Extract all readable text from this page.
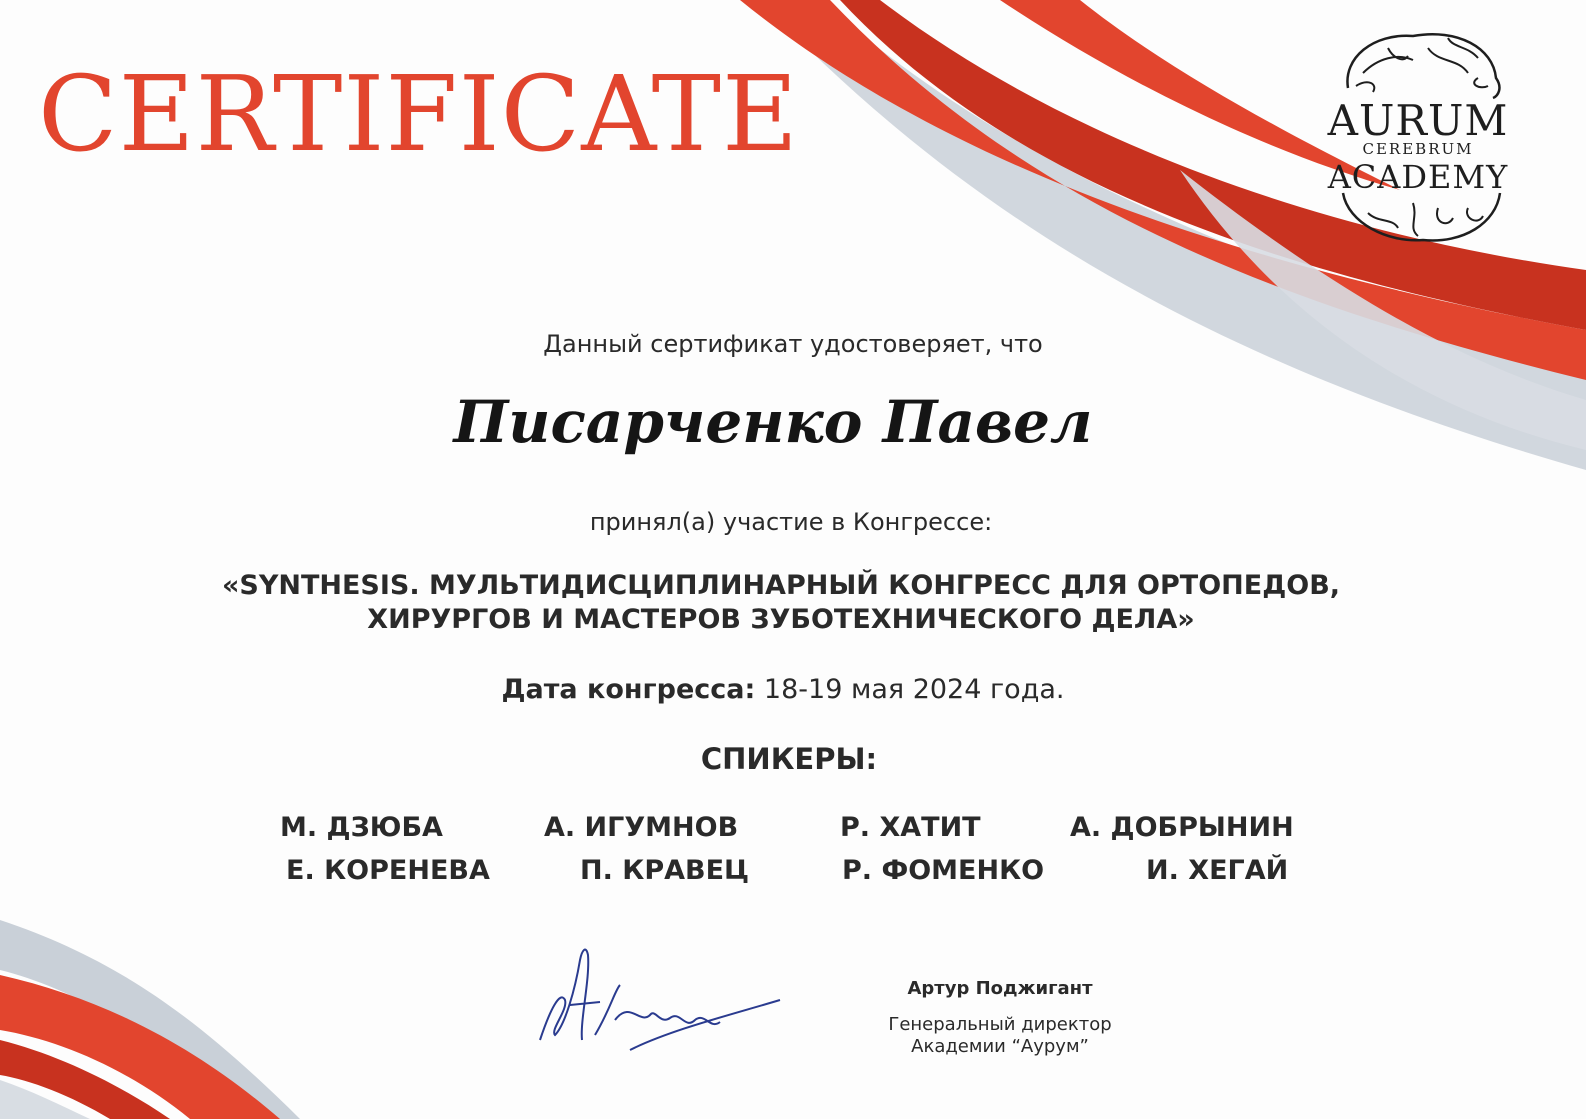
CERTIFICATE	AURUM
CEREBRUM
ACADEMY
Данный сертификат удостоверяет, что
Писарченко Павел
принял(а) участие в Конгрессе:
«SYNTHESIS. МУЛЬТИДИСЦИПЛИНАРНЫЙ КОНГРЕСС ДЛЯ ОРТОПЕДОВ,
ХИРУРГОВ И МАСТЕРОВ ЗУБОТЕХНИЧЕСКОГО ДЕЛА»
Дата конгресса: 18-19 мая 2024 года.
СПИКЕРЫ:
М. ДЗЮБА	А. ИГУМНОВ	Р. ХАТИТ	А. ДОБРЫНИН
Е. КОРЕНЕВА	П. КРАВЕЦ	Р. ФОМЕНКО	И. ХЕГАЙ
Артур Поджигант
Генеральный директор
Академии “Аурум”
